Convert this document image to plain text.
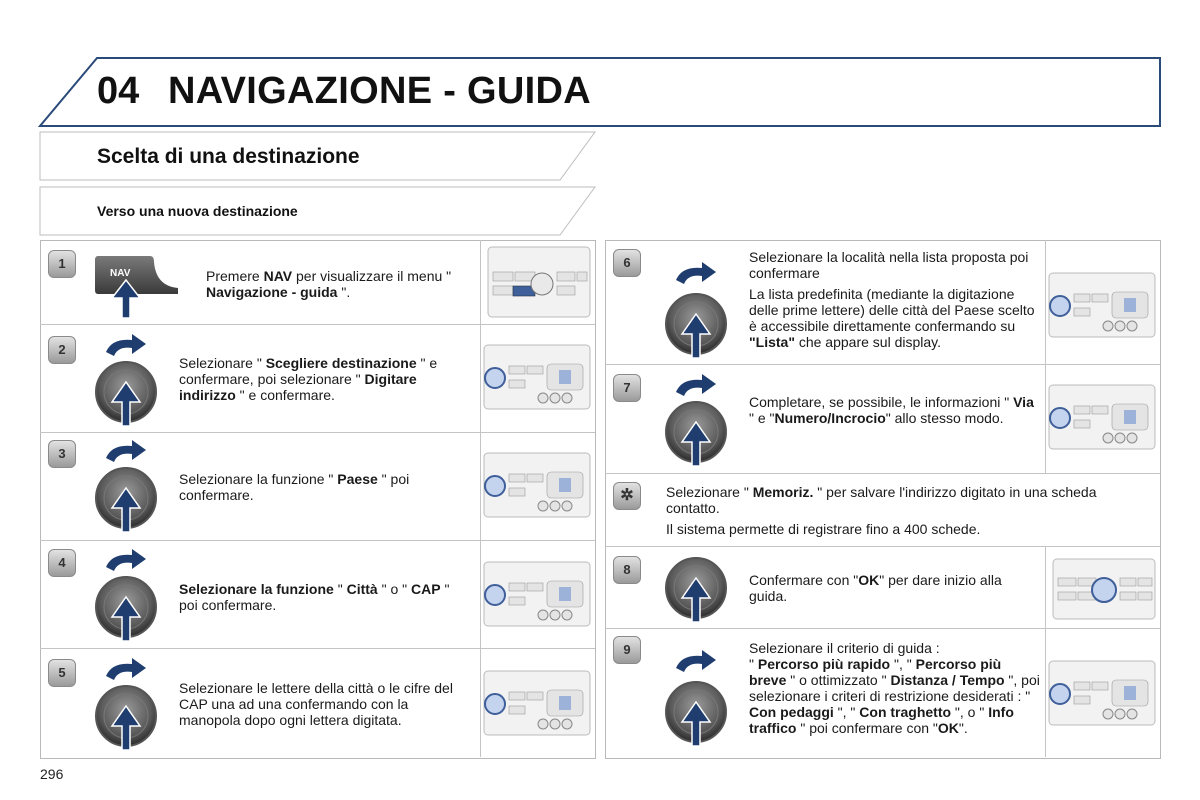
04 NAVIGAZIONE - GUIDA
Scelta di una destinazione
Verso una nuova destinazione
1
2
3
4
5
6
7
✲
8
9
NAV	Premere NAV per visualizzare il menu " Navigazione - guida ".
Selezionare " Scegliere destinazione " e confermare, poi selezionare " Digitare indirizzo " e confermare.
Selezionare la funzione " Paese " poi confermare.
Selezionare la funzione " Città " o " CAP " poi confermare.
Selezionare le lettere della città o le cifre del CAP una ad una confermando con la manopola dopo ogni lettera digitata.

Selezionare la località nella lista proposta poi confermare

La lista predefinita (mediante la digitazione delle prime lettere) delle città del Paese scelto è accessibile direttamente confermando su "Lista" che appare sul display.

Completare, se possibile, le informazioni " Via " e "Numero/Incrocio" allo stesso modo.

Selezionare " Memoriz. " per salvare l'indirizzo digitato in una scheda contatto.

Il sistema permette di registrare fino a 400 schede.

Confermare con "OK" per dare inizio alla guida.
Selezionare il criterio di guida :
" Percorso più rapido ", " Percorso più breve " o ottimizzato " Distanza / Tempo ", poi selezionare i criteri di restrizione desiderati : " Con pedaggi ", " Con traghetto ", o " Info traffico " poi confermare con "OK".
296
